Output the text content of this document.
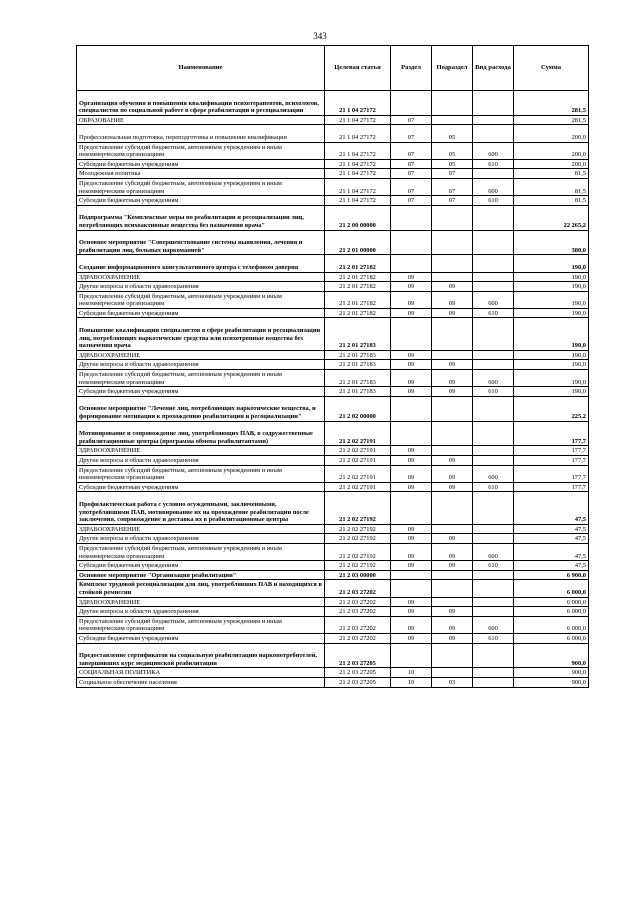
343
Наименование	Целевая статья	Раздел	Подраздел	Вид расхода	Сумма
Организация обучения и повышения квалификации психотерапевтов, психологов, специалистов по социальной работе в сфере реабилитации и ресоциализации	21 1 04 27172				281,5
ОБРАЗОВАНИЕ	21 1 04 27172	07			281,5
Профессиональная подготовка, переподготовка и повышение квалификации	21 1 04 27172	07	05		200,0
Предоставление субсидий бюджетным, автономным учреждениям и иным некоммерческим организациям	21 1 04 27172	07	05	600	200,0
Субсидии бюджетным учреждениям	21 1 04 27172	07	05	610	200,0
Молодежная политика	21 1 04 27172	07	07		81,5
Предоставление субсидий бюджетным, автономным учреждениям и иным некоммерческим организациям	21 1 04 27172	07	07	600	81,5
Субсидии бюджетным учреждениям	21 1 04 27172	07	07	610	81,5
Подпрограмма "Комплексные меры по реабилитации и ресоциализации лиц, потребляющих психоактивные вещества без назначения врача"	21 2 00 00000				22 265,2
Основное мероприятие "Совершенствование системы выявления, лечения и реабилитации лиц, больных наркоманией"	21 2 01 00000				380,0
Создание информационного консультативного центра с телефоном доверия	21 2 01 27182				190,0
ЗДРАВООХРАНЕНИЕ	21 2 01 27182	09			190,0
Другие вопросы в области здравоохранения	21 2 01 27182	09	09		190,0
Предоставление субсидий бюджетным, автономным учреждениям и иным некоммерческим организациям	21 2 01 27182	09	09	600	190,0
Субсидии бюджетным учреждениям	21 2 01 27182	09	09	610	190,0
Повышение квалификации специалистов в сфере реабилитации и ресоциализации лиц, потребляющих наркотические средства или психотропные вещества без назначения врача	21 2 01 27183				190,0
ЗДРАВООХРАНЕНИЕ	21 2 01 27183	09			190,0
Другие вопросы в области здравоохранения	21 2 01 27183	09	09		190,0
Предоставление субсидий бюджетным, автономным учреждениям и иным некоммерческим организациям	21 2 01 27183	09	09	600	190,0
Субсидии бюджетным учреждениям	21 2 01 27183	09	09	610	190,0
Основное мероприятие "Лечение лиц, потребляющих наркотические вещества, и формирование мотивации к прохождению реабилитации и ресоциализации"	21 2 02 00000				225,2
Мотивирование и сопровождение лиц, употребляющих ПАВ, в содружественные реабилитационные центры (программа обмена реабилитантами)	21 2 02 27191				177,7
ЗДРАВООХРАНЕНИЕ	21 2 02 27191	09			177,7
Другие вопросы в области здравоохранения	21 2 02 27191	09	09		177,7
Предоставление субсидий бюджетным, автономным учреждениям и иным некоммерческим организациям	21 2 02 27191	09	09	600	177,7
Субсидии бюджетным учреждениям	21 2 02 27191	09	09	610	177,7
Профилактическая работа с условно осужденными, заключенными, употреблявшими ПАВ, мотивирование их на прохождение реабилитации после заключения, сопровождение и доставка их в реабилитационные центры	21 2 02 27192				47,5
ЗДРАВООХРАНЕНИЕ	21 2 02 27192	09			47,5
Другие вопросы в области здравоохранения	21 2 02 27192	09	09		47,5
Предоставление субсидий бюджетным, автономным учреждениям и иным некоммерческим организациям	21 2 02 27192	09	09	600	47,5
Субсидии бюджетным учреждениям	21 2 02 27192	09	09	610	47,5
Основное мероприятие "Организация реабилитации"	21 2 03 00000				6 900,0
Комплекс трудовой ресоциализации для лиц, употреблявших ПАВ и находящихся в стойкой ремиссии	21 2 03 27202				6 000,0
ЗДРАВООХРАНЕНИЕ	21 2 03 27202	09			6 000,0
Другие вопросы в области здравоохранения	21 2 03 27202	09	09		6 000,0
Предоставление субсидий бюджетным, автономным учреждениям и иным некоммерческим организациям	21 2 03 27202	09	09	600	6 000,0
Субсидии бюджетным учреждениям	21 2 03 27202	09	09	610	6 000,0
Предоставление сертификатов на социальную реабилитацию наркопотребителей, завершивших курс медицинской реабилитации	21 2 03 27205				900,0
СОЦИАЛЬНАЯ ПОЛИТИКА	21 2 03 27205	10			900,0
Социальное обеспечение населения	21 2 03 27205	10	03		900,0
